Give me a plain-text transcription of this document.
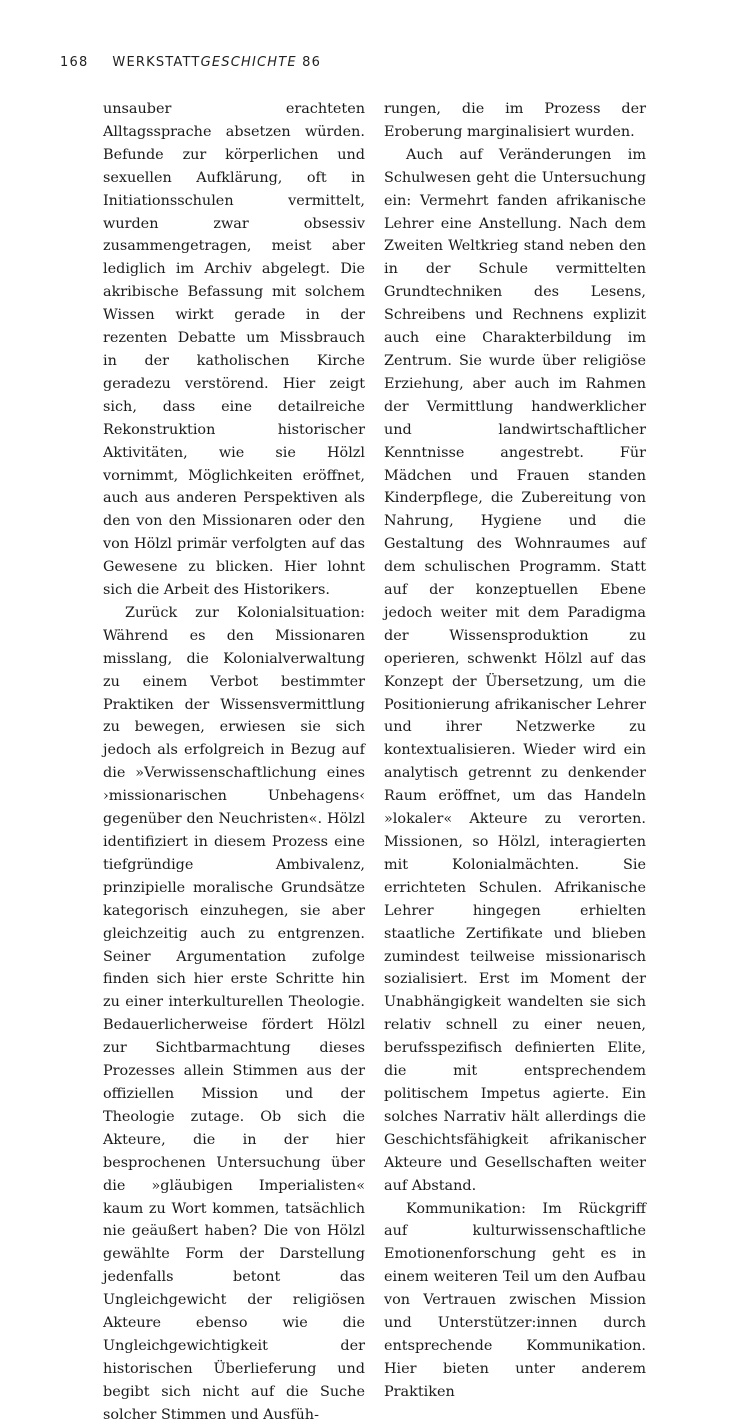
168 WERKSTATTGESCHICHTE 86

unsauber erachteten Alltagssprache absetzen würden. Befunde zur körperlichen und sexuellen Aufklärung, oft in Initiationsschulen vermittelt, wurden zwar obsessiv zusammengetragen, meist aber lediglich im Archiv abgelegt. Die akribische Befassung mit solchem Wissen wirkt gerade in der rezenten Debatte um Missbrauch in der katholischen Kirche geradezu verstörend. Hier zeigt sich, dass eine detailreiche Rekonstruktion historischer Aktivitäten, wie sie Hölzl vornimmt, Möglichkeiten eröffnet, auch aus anderen Perspektiven als den von den Missionaren oder den von Hölzl primär verfolgten auf das Gewesene zu blicken. Hier lohnt sich die Arbeit des Historikers.

Zurück zur Kolonialsituation: Während es den Missionaren misslang, die Kolonialverwaltung zu einem Verbot bestimmter Praktiken der Wissensvermittlung zu bewegen, erwiesen sie sich jedoch als erfolgreich in Bezug auf die »Verwissenschaftlichung eines ›missionarischen Unbehagens‹ gegenüber den Neuchristen«. Hölzl identifiziert in diesem Prozess eine tiefgründige Ambivalenz, prinzipielle moralische Grundsätze kategorisch einzuhegen, sie aber gleichzeitig auch zu entgrenzen. Seiner Argumentation zufolge finden sich hier erste Schritte hin zu einer interkulturellen Theologie. Bedauerlicherweise fördert Hölzl zur Sichtbarmachtung dieses Prozesses allein Stimmen aus der offiziellen Mission und der Theologie zutage. Ob sich die Akteure, die in der hier besprochenen Untersuchung über die »gläubigen Imperialisten« kaum zu Wort kommen, tatsächlich nie geäußert haben? Die von Hölzl gewählte Form der Darstellung jedenfalls betont das Ungleichgewicht der religiösen Akteure ebenso wie die Ungleichgewichtigkeit der historischen Überlieferung und begibt sich nicht auf die Suche solcher Stimmen und Ausfüh-

rungen, die im Prozess der Eroberung marginalisiert wurden.

Auch auf Veränderungen im Schulwesen geht die Untersuchung ein: Vermehrt fanden afrikanische Lehrer eine Anstellung. Nach dem Zweiten Weltkrieg stand neben den in der Schule vermittelten Grundtechniken des Lesens, Schreibens und Rechnens explizit auch eine Charakterbildung im Zentrum. Sie wurde über religiöse Erziehung, aber auch im Rahmen der Vermittlung handwerklicher und landwirtschaftlicher Kenntnisse angestrebt. Für Mädchen und Frauen standen Kinderpflege, die Zubereitung von Nahrung, Hygiene und die Gestaltung des Wohnraumes auf dem schulischen Programm. Statt auf der konzeptuellen Ebene jedoch weiter mit dem Paradigma der Wissensproduktion zu operieren, schwenkt Hölzl auf das Konzept der Übersetzung, um die Positionierung afrikanischer Lehrer und ihrer Netzwerke zu kontextualisieren. Wieder wird ein analytisch getrennt zu denkender Raum eröffnet, um das Handeln »lokaler« Akteure zu verorten. Missionen, so Hölzl, interagierten mit Kolonialmächten. Sie errichteten Schulen. Afrikanische Lehrer hingegen erhielten staatliche Zertifikate und blieben zumindest teilweise missionarisch sozialisiert. Erst im Moment der Unabhängigkeit wandelten sie sich relativ schnell zu einer neuen, berufsspezifisch definierten Elite, die mit entsprechendem politischem Impetus agierte. Ein solches Narrativ hält allerdings die Geschichtsfähigkeit afrikanischer Akteure und Gesellschaften weiter auf Abstand.

Kommunikation: Im Rückgriff auf kulturwissenschaftliche Emotionenforschung geht es in einem weiteren Teil um den Aufbau von Vertrauen zwischen Mission und Unterstützer:innen durch entsprechende Kommunikation. Hier bieten unter anderem Praktiken
